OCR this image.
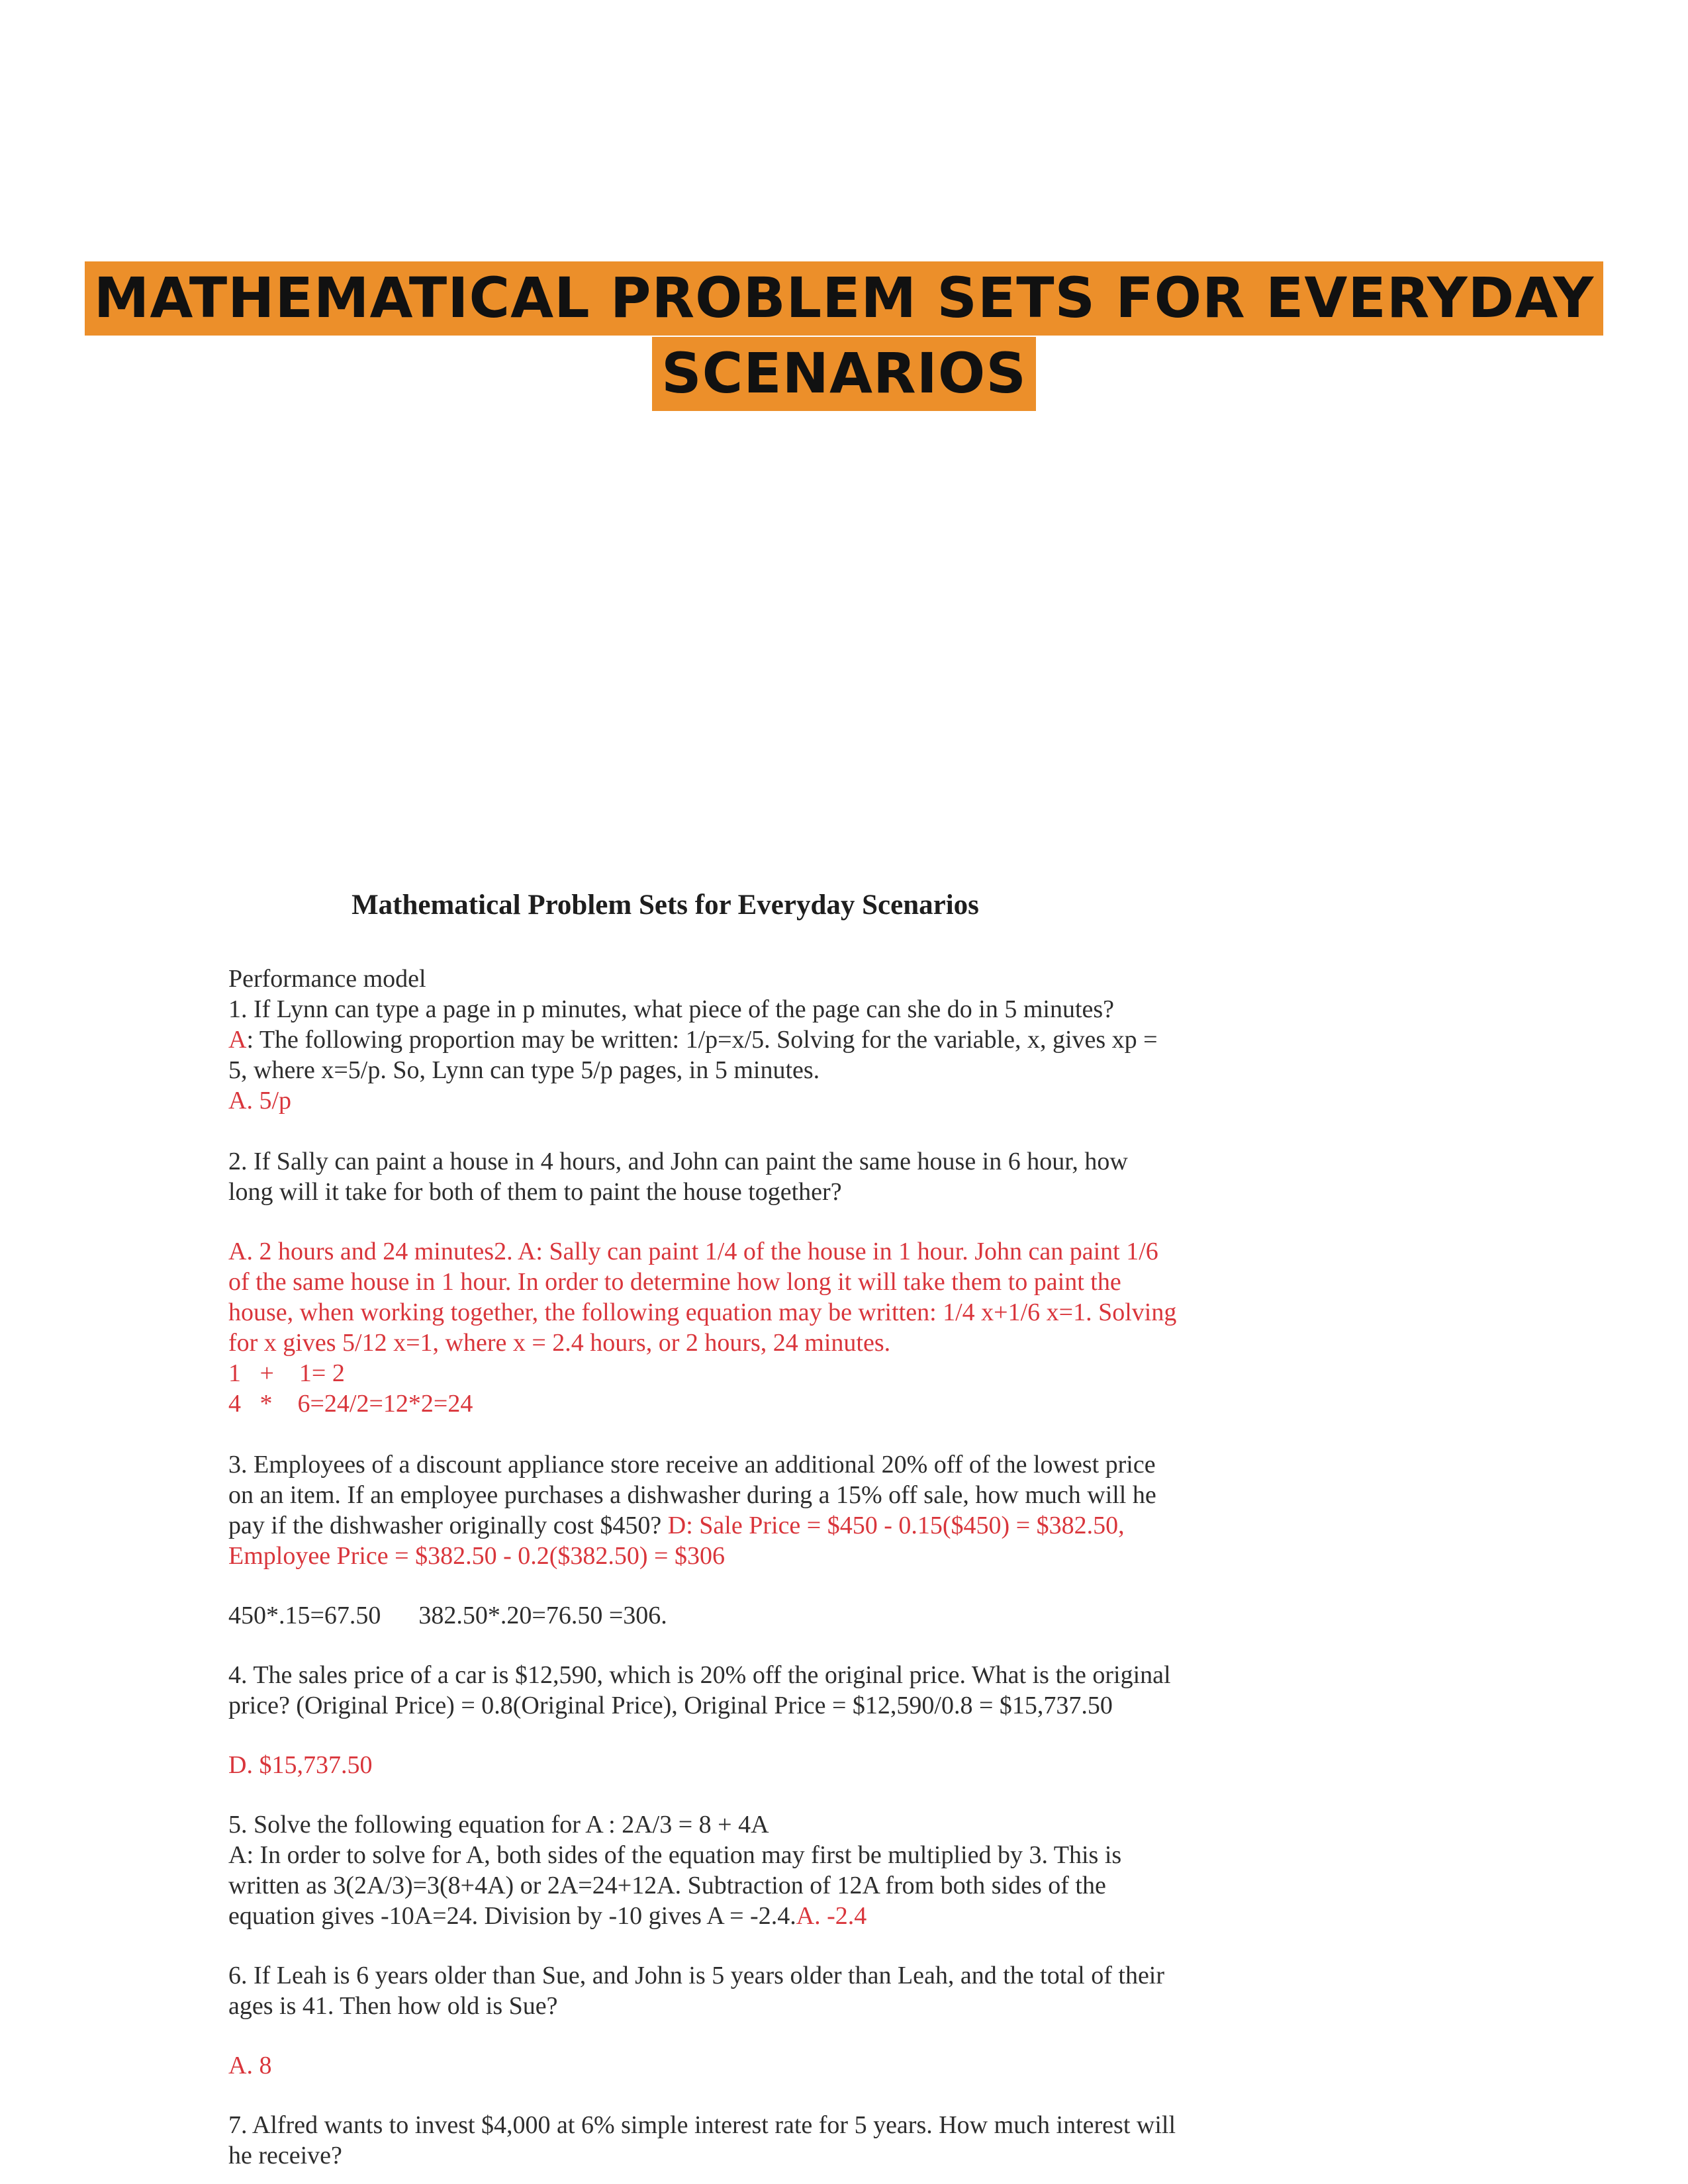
MATHEMATICAL PROBLEM SETS FOR EVERYDAY
SCENARIOS
Mathematical Problem Sets for Everyday Scenarios
Performance model
1. If Lynn can type a page in p minutes, what piece of the page can she do in 5 minutes?
A: The following proportion may be written: 1/p=x/5. Solving for the variable, x, gives xp =
5, where x=5/p. So, Lynn can type 5/p pages, in 5 minutes.
A. 5/p
2. If Sally can paint a house in 4 hours, and John can paint the same house in 6 hour, how
long will it take for both of them to paint the house together?
A. 2 hours and 24 minutes2. A: Sally can paint 1/4 of the house in 1 hour. John can paint 1/6
of the same house in 1 hour. In order to determine how long it will take them to paint the
house, when working together, the following equation may be written: 1/4 x+1/6 x=1. Solving
for x gives 5/12 x=1, where x = 2.4 hours, or 2 hours, 24 minutes.
1   +    1= 2
4   *    6=24/2=12*2=24
3. Employees of a discount appliance store receive an additional 20% off of the lowest price
on an item. If an employee purchases a dishwasher during a 15% off sale, how much will he
pay if the dishwasher originally cost $450? D: Sale Price = $450 - 0.15($450) = $382.50,
Employee Price = $382.50 - 0.2($382.50) = $306
450*.15=67.50      382.50*.20=76.50 =306.
4. The sales price of a car is $12,590, which is 20% off the original price. What is the original
price? (Original Price) = 0.8(Original Price), Original Price = $12,590/0.8 = $15,737.50
D. $15,737.50
5. Solve the following equation for A : 2A/3 = 8 + 4A
A: In order to solve for A, both sides of the equation may first be multiplied by 3. This is
written as 3(2A/3)=3(8+4A) or 2A=24+12A. Subtraction of 12A from both sides of the
equation gives -10A=24. Division by -10 gives A = -2.4.A. -2.4
6. If Leah is 6 years older than Sue, and John is 5 years older than Leah, and the total of their
ages is 41. Then how old is Sue?
A. 8
7. Alfred wants to invest $4,000 at 6% simple interest rate for 5 years. How much interest will
he receive?
